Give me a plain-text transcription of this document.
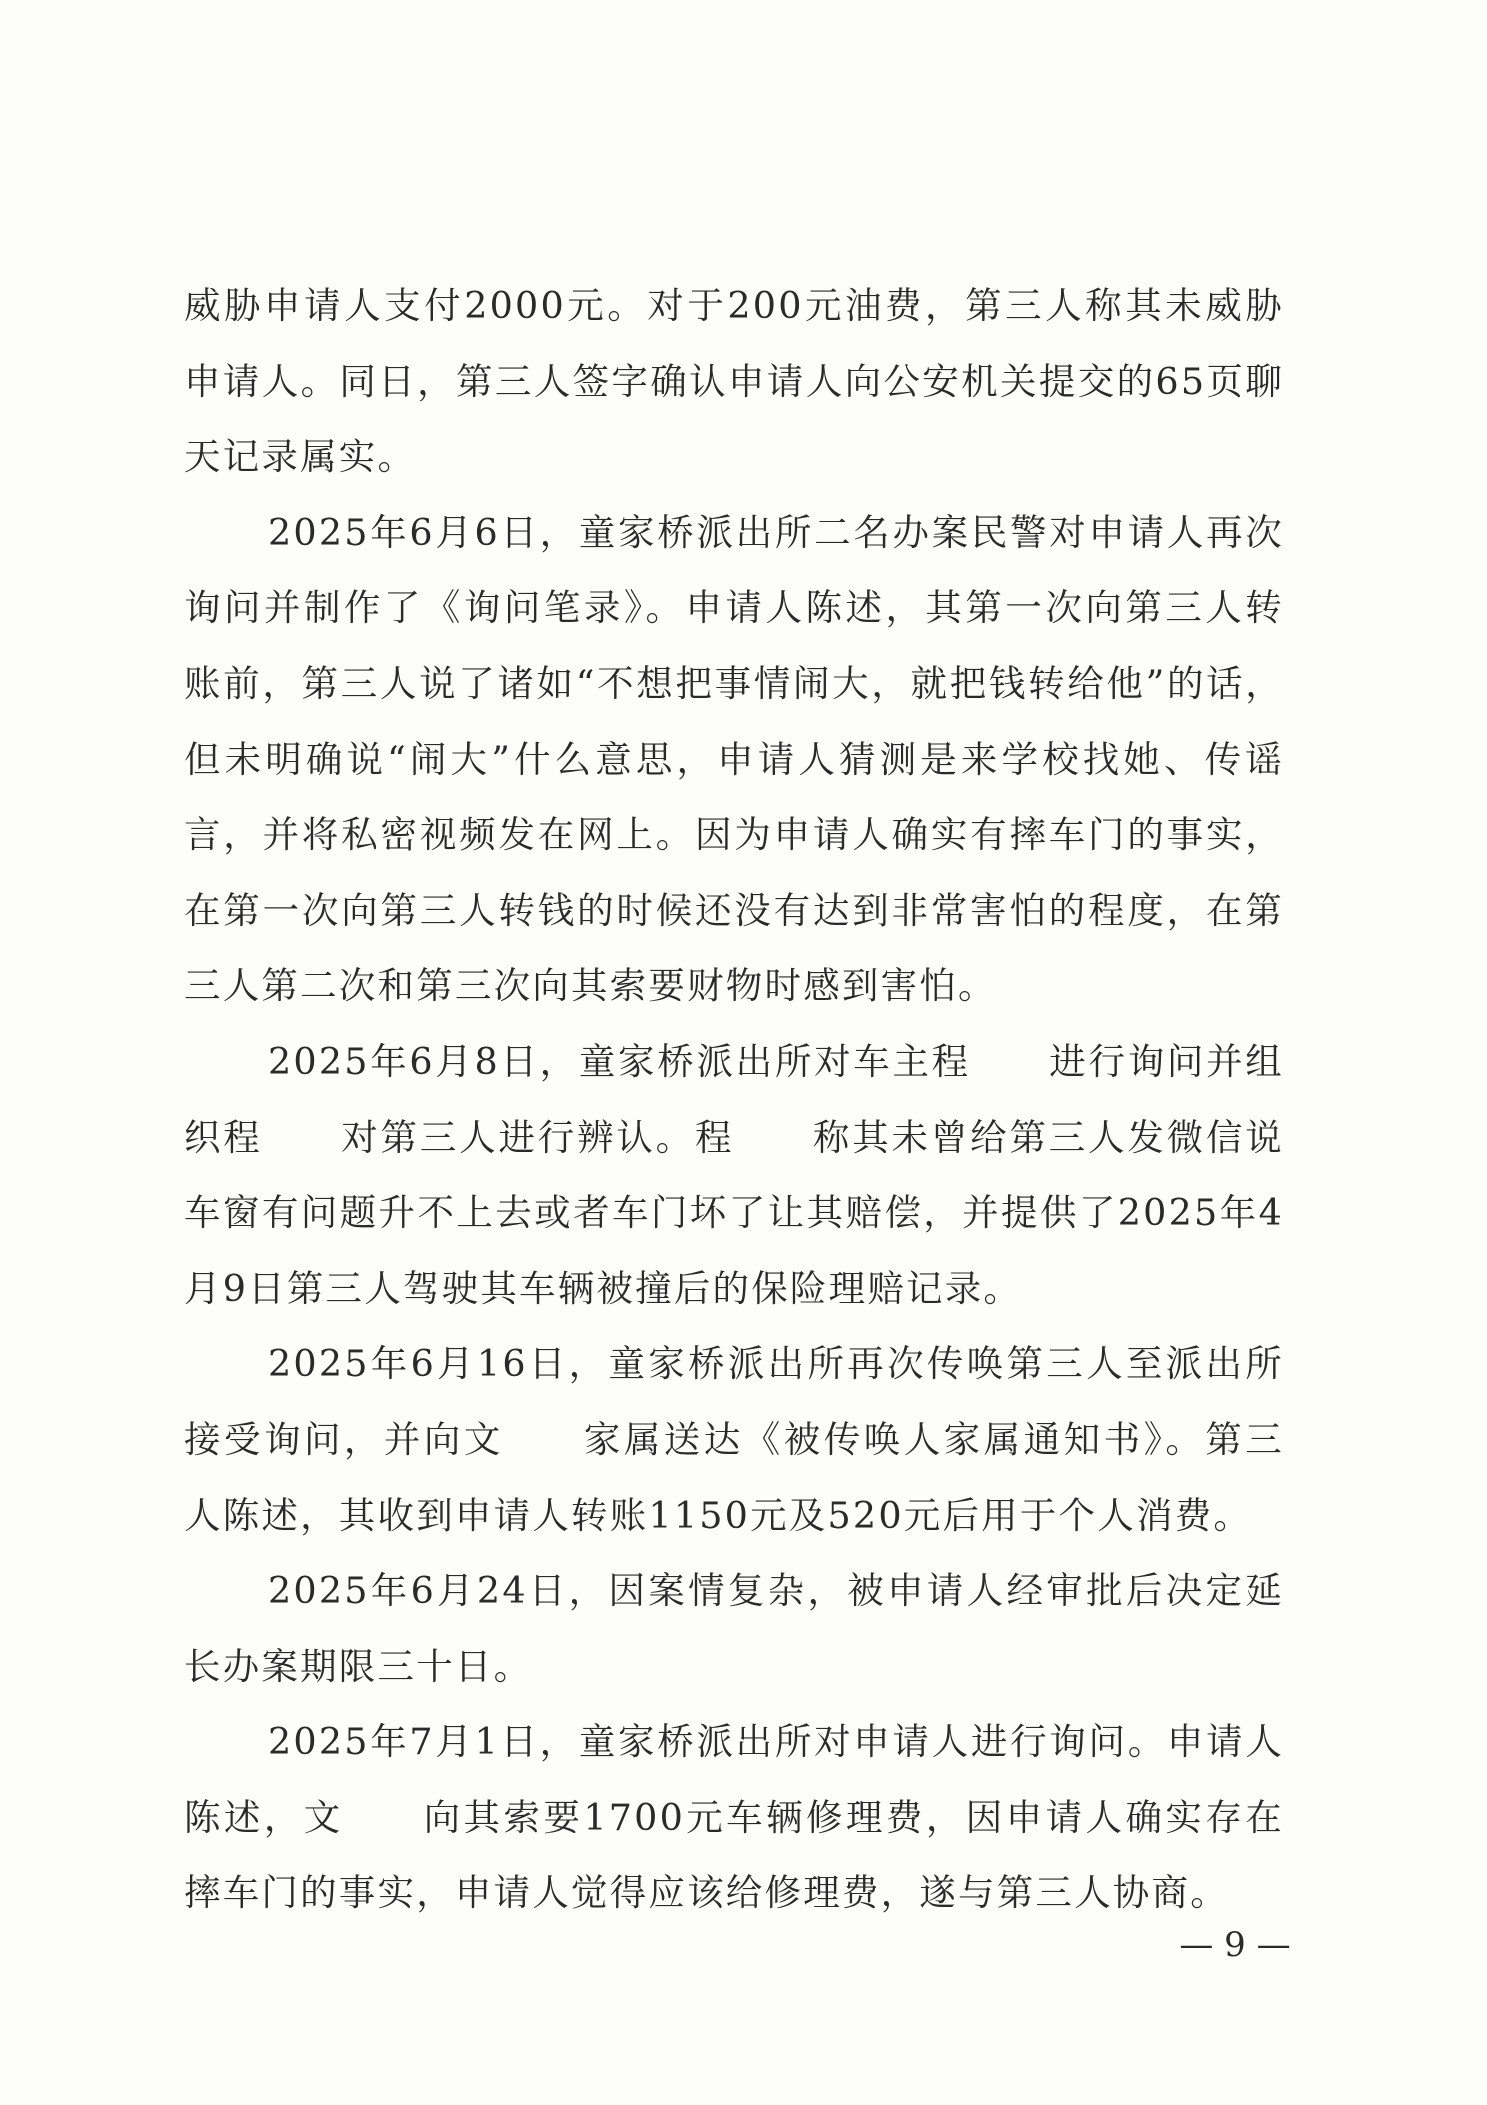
威胁申请人支付2000元。对于200元油费，第三人称其未威胁申请人。同日，第三人签字确认申请人向公安机关提交的65页聊天记录属实。

2025年6月6日，童家桥派出所二名办案民警对申请人再次询问并制作了《询问笔录》。申请人陈述，其第一次向第三人转账前，第三人说了诸如“不想把事情闹大，就把钱转给他”的话，但未明确说“闹大”什么意思，申请人猜测是来学校找她、传谣言，并将私密视频发在网上。因为申请人确实有摔车门的事实，在第一次向第三人转钱的时候还没有达到非常害怕的程度，在第三人第二次和第三次向其索要财物时感到害怕。

2025年6月8日，童家桥派出所对车主程　　进行询问并组织程　　对第三人进行辨认。程　　称其未曾给第三人发微信说车窗有问题升不上去或者车门坏了让其赔偿，并提供了2025年4月9日第三人驾驶其车辆被撞后的保险理赔记录。

2025年6月16日，童家桥派出所再次传唤第三人至派出所接受询问，并向文　　家属送达《被传唤人家属通知书》。第三人陈述，其收到申请人转账1150元及520元后用于个人消费。

2025年6月24日，因案情复杂，被申请人经审批后决定延长办案期限三十日。

2025年7月1日，童家桥派出所对申请人进行询问。申请人陈述，文　　向其索要1700元车辆修理费，因申请人确实存在摔车门的事实，申请人觉得应该给修理费，遂与第三人协商。

— 9 —
